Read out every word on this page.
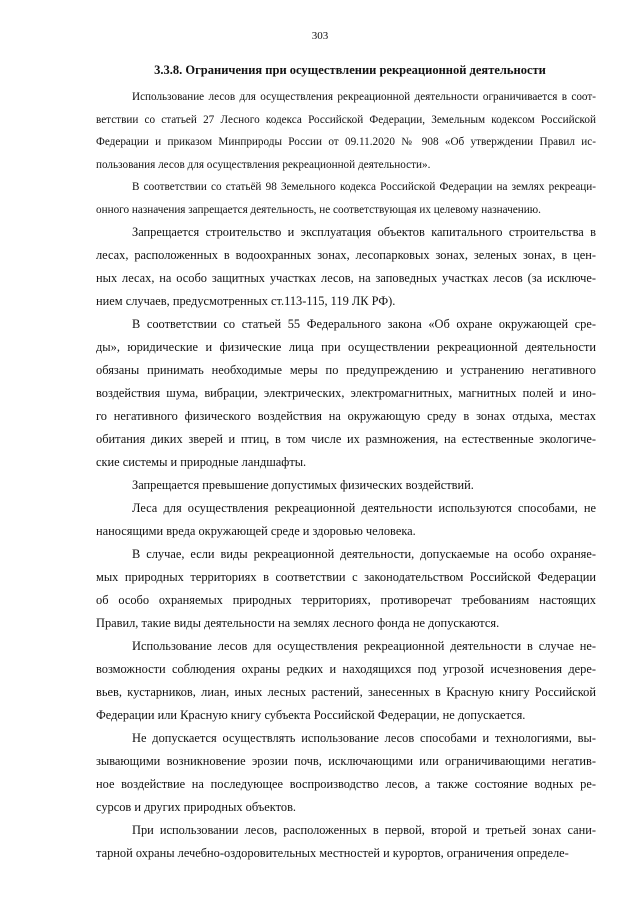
303
3.3.8. Ограничения при осуществлении рекреационной деятельности
Использование лесов для осуществления рекреационной деятельности ограничивается в соот-
ветствии со статьей 27 Лесного кодекса Российской Федерации, Земельным кодексом Российской
Федерации и приказом Минприроды России от 09.11.2020 № 908 «Об утверждении Правил ис-
пользования лесов для осуществления рекреационной деятельности».
В соответствии со статьёй 98 Земельного кодекса Российской Федерации на землях рекреаци-
онного назначения запрещается деятельность, не соответствующая их целевому назначению.
Запрещается строительство и эксплуатация объектов капитального строительства в
лесах, расположенных в водоохранных зонах, лесопарковых зонах, зеленых зонах, в цен-
ных лесах, на особо защитных участках лесов, на заповедных участках лесов (за исключе-
нием случаев, предусмотренных ст.113-115, 119 ЛК РФ).
В соответствии со статьей 55 Федерального закона «Об охране окружающей сре-
ды», юридические и физические лица при осуществлении рекреационной деятельности
обязаны принимать необходимые меры по предупреждению и устранению негативного
воздействия шума, вибрации, электрических, электромагнитных, магнитных полей и ино-
го негативного физического воздействия на окружающую среду в зонах отдыха, местах
обитания диких зверей и птиц, в том числе их размножения, на естественные экологиче-
ские системы и природные ландшафты.
Запрещается превышение допустимых физических воздействий.
Леса для осуществления рекреационной деятельности используются способами, не
наносящими вреда окружающей среде и здоровью человека.
В случае, если виды рекреационной деятельности, допускаемые на особо охраняе-
мых природных территориях в соответствии с законодательством Российской Федерации
об особо охраняемых природных территориях, противоречат требованиям настоящих
Правил, такие виды деятельности на землях лесного фонда не допускаются.
Использование лесов для осуществления рекреационной деятельности в случае не-
возможности соблюдения охраны редких и находящихся под угрозой исчезновения дере-
вьев, кустарников, лиан, иных лесных растений, занесенных в Красную книгу Российской
Федерации или Красную книгу субъекта Российской Федерации, не допускается.
Не допускается осуществлять использование лесов способами и технологиями, вы-
зывающими возникновение эрозии почв, исключающими или ограничивающими негатив-
ное воздействие на последующее воспроизводство лесов, а также состояние водных ре-
сурсов и других природных объектов.
При использовании лесов, расположенных в первой, второй и третьей зонах сани-
тарной охраны лечебно-оздоровительных местностей и курортов, ограничения определе-
